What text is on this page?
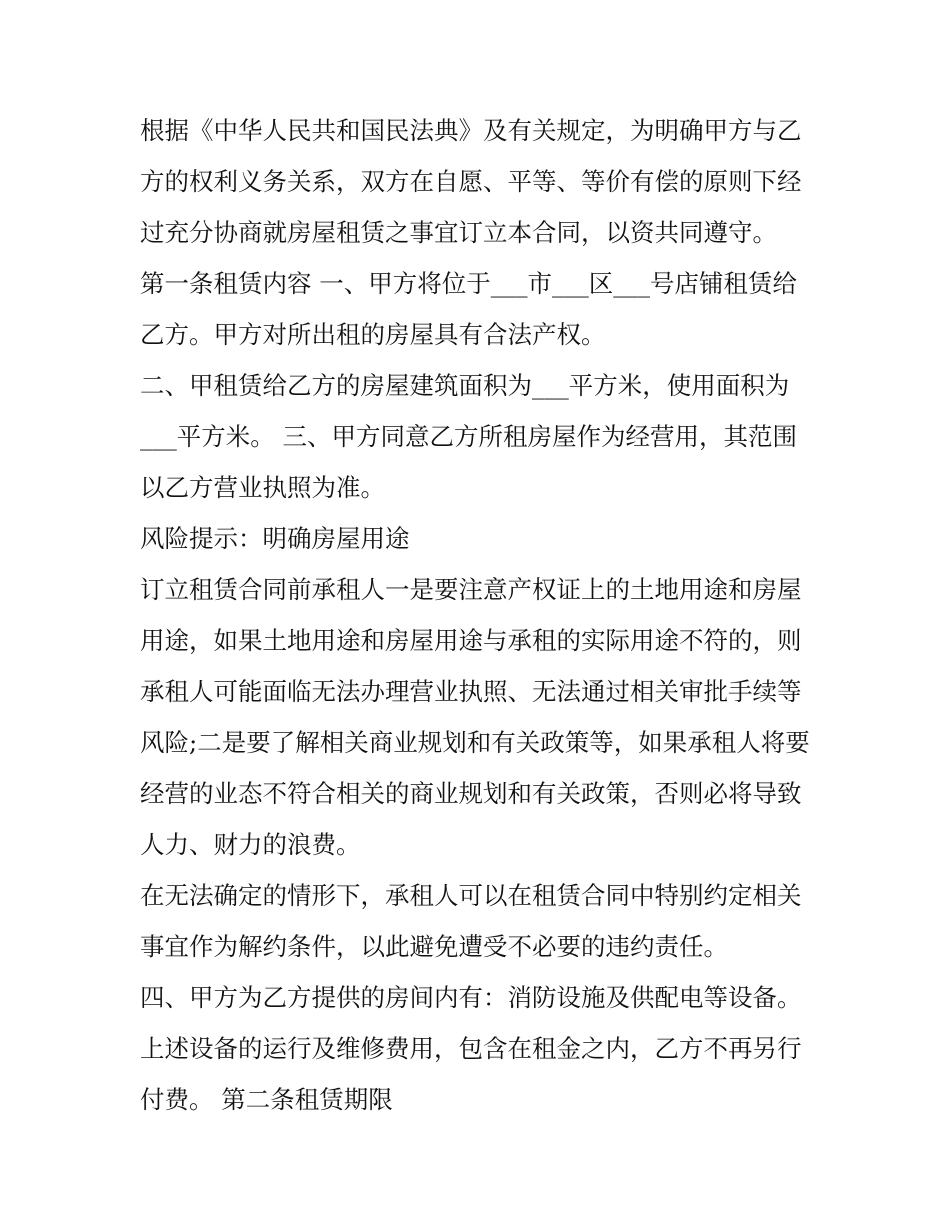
根据《中华人民共和国民法典》及有关规定，为明确甲方与乙方的权利义务关系，双方在自愿、平等、等价有偿的原则下经过充分协商就房屋租赁之事宜订立本合同，以资共同遵守。

第一条租赁内容 一、甲方将位于___市___区___号店铺租赁给乙方。甲方对所出租的房屋具有合法产权。

二、甲租赁给乙方的房屋建筑面积为___平方米，使用面积为___平方米。 三、甲方同意乙方所租房屋作为经营用，其范围以乙方营业执照为准。

风险提示：明确房屋用途

订立租赁合同前承租人一是要注意产权证上的土地用途和房屋用途，如果土地用途和房屋用途与承租的实际用途不符的，则承租人可能面临无法办理营业执照、无法通过相关审批手续等风险;二是要了解相关商业规划和有关政策等，如果承租人将要经营的业态不符合相关的商业规划和有关政策，否则必将导致人力、财力的浪费。

在无法确定的情形下，承租人可以在租赁合同中特别约定相关事宜作为解约条件，以此避免遭受不必要的违约责任。

四、甲方为乙方提供的房间内有：消防设施及供配电等设备。上述设备的运行及维修费用，包含在租金之内，乙方不再另行付费。 第二条租赁期限
